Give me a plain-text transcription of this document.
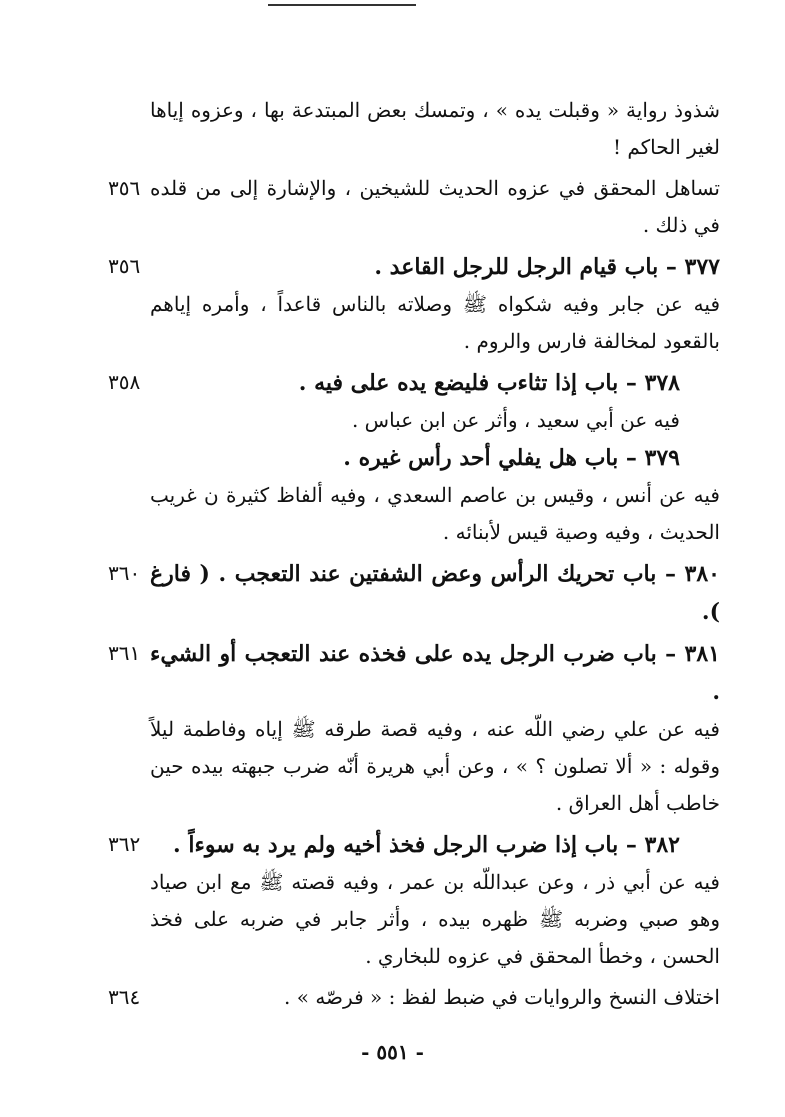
شذوذ رواية « وقبلت يده » ، وتمسك بعض المبتدعة بها ، وعزوه إياها لغير الحاكم !

٣٥٦ تساهل المحقق في عزوه الحديث للشيخين ، والإشارة إلى من قلده في ذلك .

٣٥٦	٣٧٧ – باب قيام الرجل للرجل القاعد .

فيه عن جابر وفيه شكواه ﷺ وصلاته بالناس قاعداً ، وأمره إياهم بالقعود لمخالفة فارس والروم .

٣٥٨	٣٧٨ – باب إذا تثاءب فليضع يده على فيه .

فيه عن أبي سعيد ، وأثر عن ابن عباس .

٣٧٩ – باب هل يفلي أحد رأس غيره .

فيه عن أنس ، وقيس بن عاصم السعدي ، وفيه ألفاظ كثيرة ن غريب الحديث ، وفيه وصية قيس لأبنائه .

٣٦٠ ٣٨٠ – باب تحريك الرأس وعض الشفتين عند التعجب . ( فارغ ).
٣٦١ ٣٨١ – باب ضرب الرجل يده على فخذه عند التعجب أو الشيء .

فيه عن علي رضي اللّه عنه ، وفيه قصة طرقه ﷺ إياه وفاطمة ليلاً وقوله : « ألا تصلون ؟ » ، وعن أبي هريرة أنّه ضرب جبهته بيده حين خاطب أهل العراق .

٣٦٢	٣٨٢ – باب إذا ضرب الرجل فخذ أخيه ولم يرد به سوءاً .

فيه عن أبي ذر ، وعن عبداللّه بن عمر ، وفيه قصته ﷺ مع ابن صياد وهو صبي وضربه ﷺ ظهره بيده ، وأثر جابر في ضربه على فخذ الحسن ، وخطأ المحقق في عزوه للبخاري .

٣٦٤	اختلاف النسخ والروايات في ضبط لفظ : « فرصّه » .

- ٥٥١ -
